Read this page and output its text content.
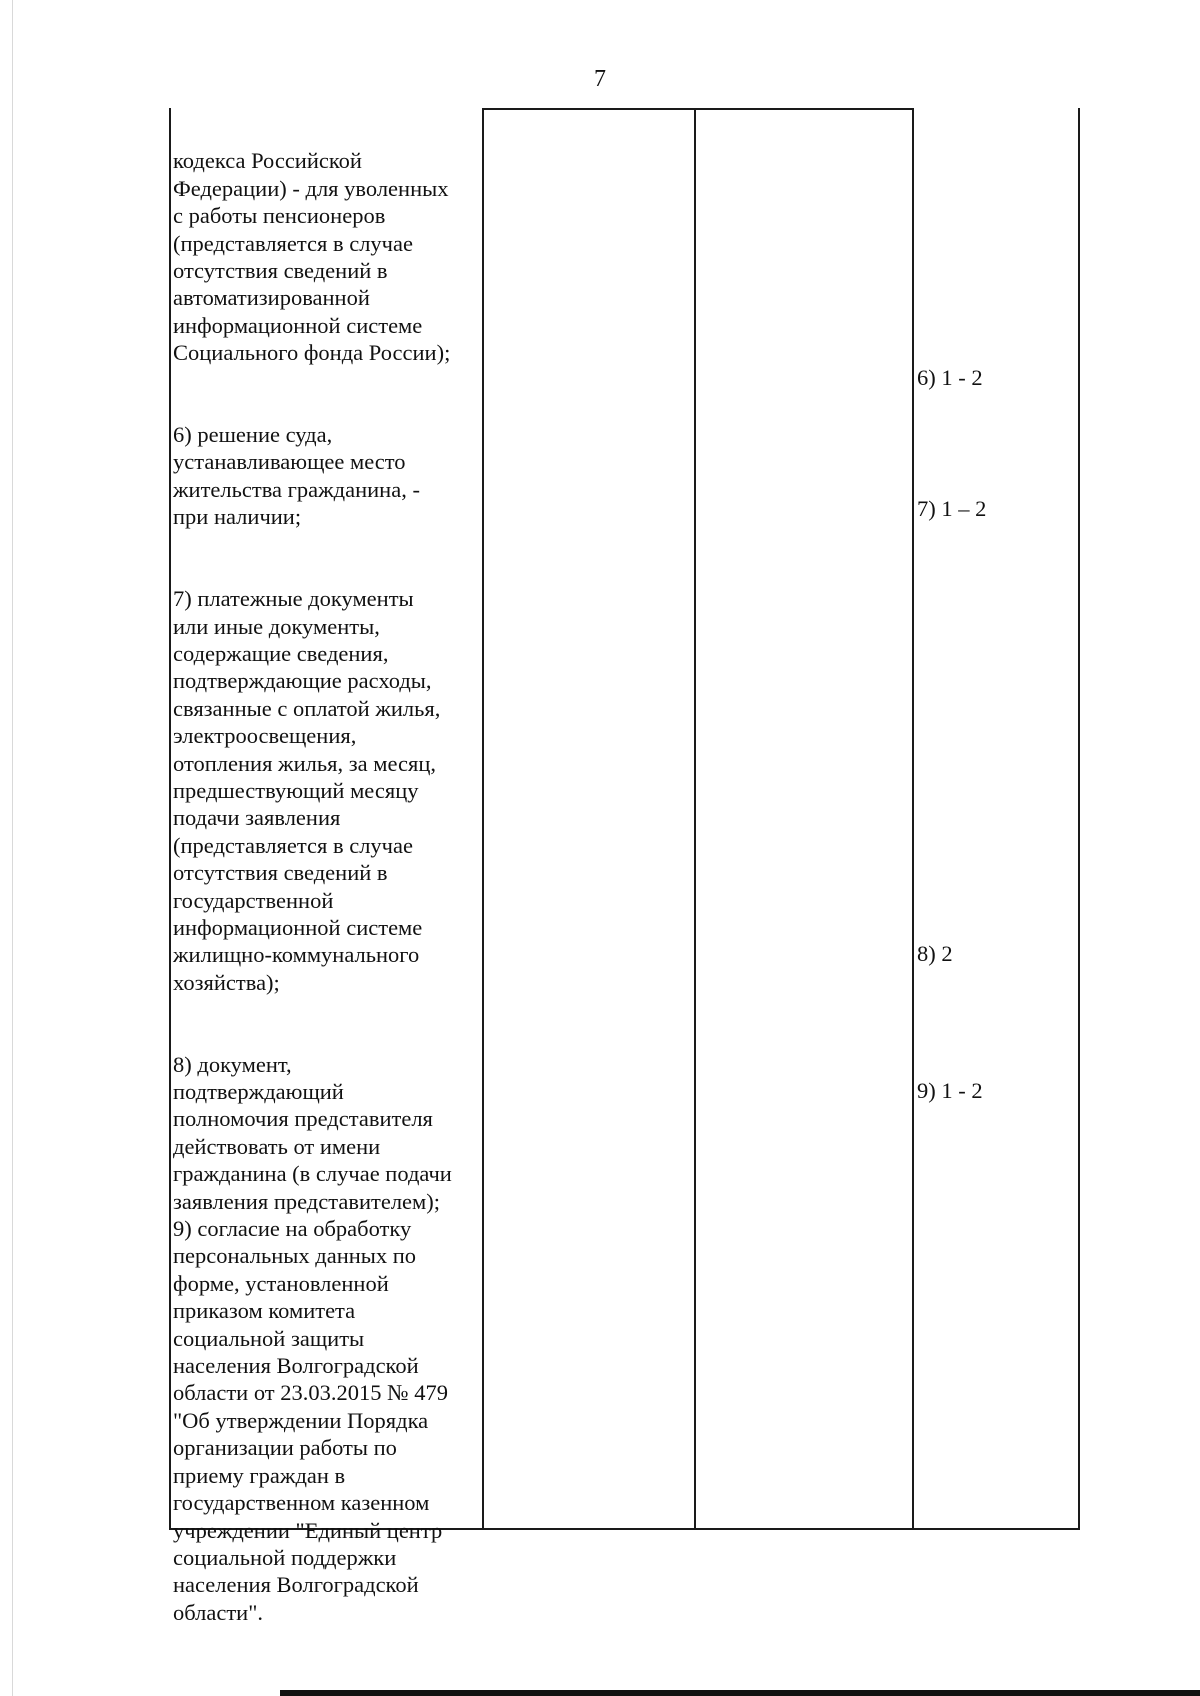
7

кодекса Российской
Федерации) - для уволенных
с работы пенсионеров
(представляется в случае
отсутствия сведений в
автоматизированной
информационной системе
Социального фонда России);

6) решение суда,
устанавливающее место
жительства гражданина, -
при наличии;

7) платежные документы
или иные документы,
содержащие сведения,
подтверждающие расходы,
связанные с оплатой жилья,
электроосвещения,
отопления жилья, за месяц,
предшествующий месяцу
подачи заявления
(представляется в случае
отсутствия сведений в
государственной
информационной системе
жилищно-коммунального
хозяйства);

8) документ,
подтверждающий
полномочия представителя
действовать от имени
гражданина (в случае подачи
заявления представителем);
9) согласие на обработку
персональных данных по
форме, установленной
приказом комитета
социальной защиты
населения Волгоградской
области от 23.03.2015 № 479
"Об утверждении Порядка
организации работы по
приему граждан в
государственном казенном
учреждении "Единый центр
социальной поддержки
населения Волгоградской
области".

6) 1 - 2
7) 1 – 2
8) 2
9) 1 - 2
